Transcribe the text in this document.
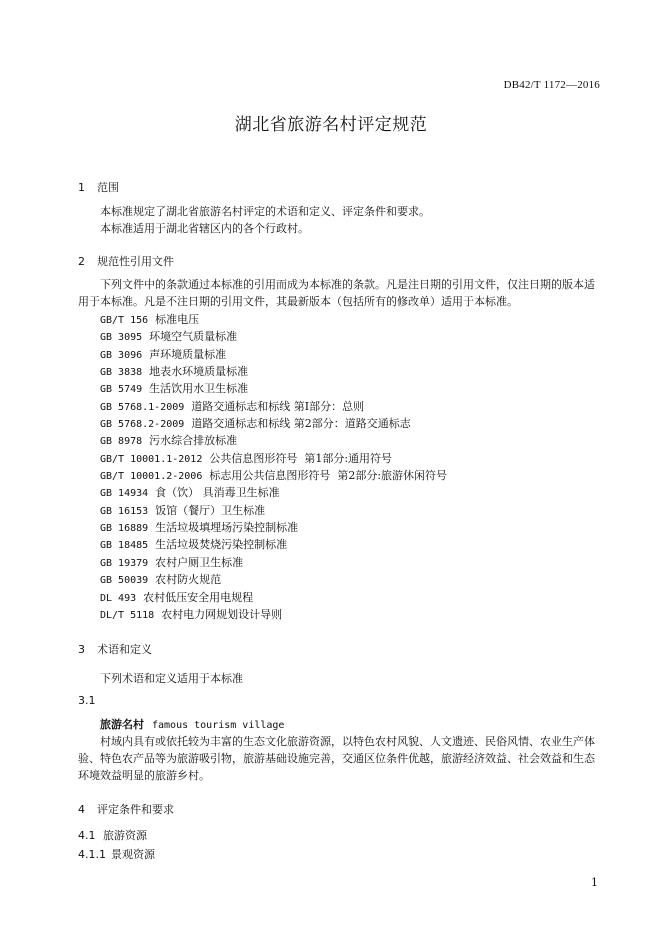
DB42/T 1172—2016
湖北省旅游名村评定规范
1 范围
本标准规定了湖北省旅游名村评定的术语和定义、评定条件和要求。
本标准适用于湖北省辖区内的各个行政村。
2 规范性引用文件
下列文件中的条款通过本标准的引用而成为本标准的条款。凡是注日期的引用文件，仅注日期的版本适用于本标准。凡是不注日期的引用文件，其最新版本（包括所有的修改单）适用于本标准。
GB/T 156 标准电压
GB 3095 环境空气质量标准
GB 3096 声环境质量标准
GB 3838 地表水环境质量标准
GB 5749 生活饮用水卫生标准
GB 5768.1-2009 道路交通标志和标线 第I部分：总则
GB 5768.2-2009 道路交通标志和标线 第2部分：道路交通标志
GB 8978 污水综合排放标准
GB/T 10001.1-2012 公共信息图形符号  第1部分:通用符号
GB/T 10001.2-2006 标志用公共信息图形符号  第2部分:旅游休闲符号
GB 14934 食（饮） 具消毒卫生标准
GB 16153 饭馆（餐厅）卫生标准
GB 16889 生活垃圾填埋场污染控制标准
GB 18485 生活垃圾焚烧污染控制标准
GB 19379 农村户厕卫生标准
GB 50039 农村防火规范
DL 493 农村低压安全用电规程
DL/T 5118 农村电力网规划设计导则
3 术语和定义
下列术语和定义适用于本标准
3.1
旅游名村 famous tourism village
村域内具有或依托较为丰富的生态文化旅游资源，以特色农村风貌、人文遗迹、民俗风情、农业生产体验、特色农产品等为旅游吸引物，旅游基础设施完善，交通区位条件优越，旅游经济效益、社会效益和生态环境效益明显的旅游乡村。
4 评定条件和要求
4.1 旅游资源
4.1.1 景观资源
1
